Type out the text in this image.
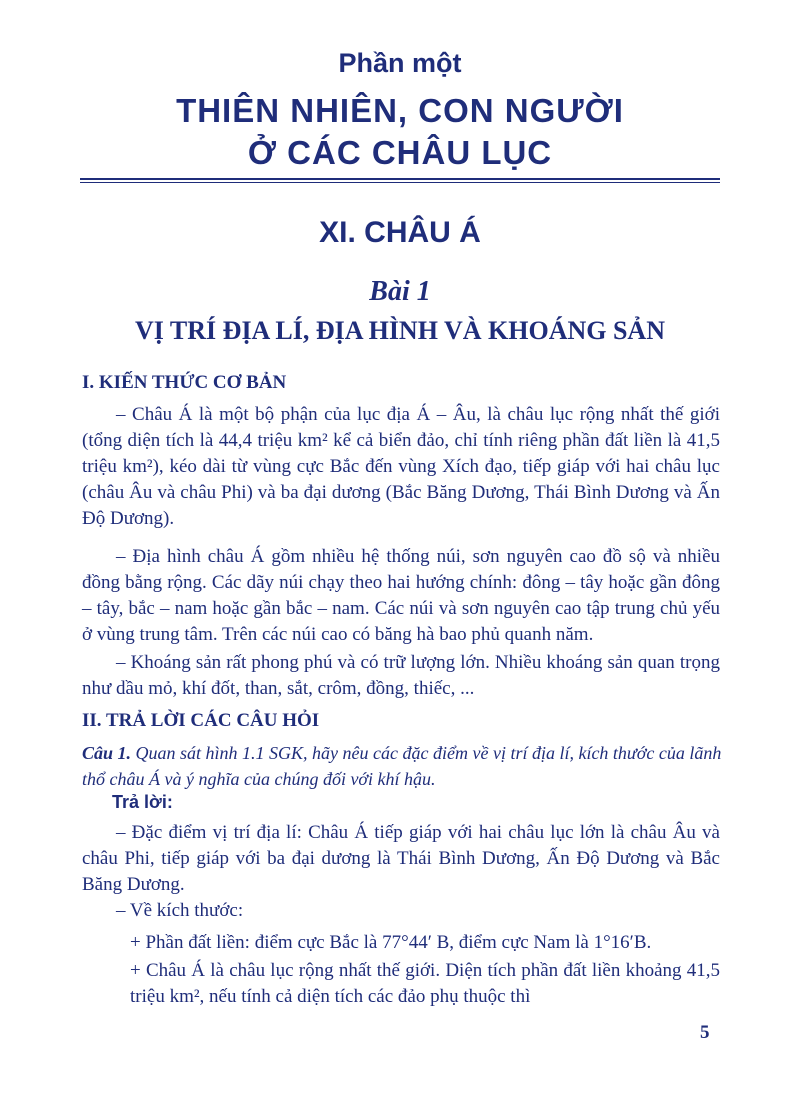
Phần một
THIÊN NHIÊN, CON NGƯỜI
Ở CÁC CHÂU LỤC
XI. CHÂU Á
Bài 1
VỊ TRÍ ĐỊA LÍ, ĐỊA HÌNH VÀ KHOÁNG SẢN
I. KIẾN THỨC CƠ BẢN
– Châu Á là một bộ phận của lục địa Á – Âu, là châu lục rộng nhất thế giới (tổng diện tích là 44,4 triệu km² kể cả biển đảo, chỉ tính riêng phần đất liền là 41,5 triệu km²), kéo dài từ vùng cực Bắc đến vùng Xích đạo, tiếp giáp với hai châu lục (châu Âu và châu Phi) và ba đại dương (Bắc Băng Dương, Thái Bình Dương và Ấn Độ Dương).
– Địa hình châu Á gồm nhiều hệ thống núi, sơn nguyên cao đồ sộ và nhiều đồng bằng rộng. Các dãy núi chạy theo hai hướng chính: đông – tây hoặc gần đông – tây, bắc – nam hoặc gần bắc – nam. Các núi và sơn nguyên cao tập trung chủ yếu ở vùng trung tâm. Trên các núi cao có băng hà bao phủ quanh năm.
– Khoáng sản rất phong phú và có trữ lượng lớn. Nhiều khoáng sản quan trọng như dầu mỏ, khí đốt, than, sắt, crôm, đồng, thiếc, ...
II. TRẢ LỜI CÁC CÂU HỎI
Câu 1. Quan sát hình 1.1 SGK, hãy nêu các đặc điểm về vị trí địa lí, kích thước của lãnh thổ châu Á và ý nghĩa của chúng đối với khí hậu.
Trả lời:
– Đặc điểm vị trí địa lí: Châu Á tiếp giáp với hai châu lục lớn là châu Âu và châu Phi, tiếp giáp với ba đại dương là Thái Bình Dương, Ấn Độ Dương và Bắc Băng Dương.
– Về kích thước:
+ Phần đất liền: điểm cực Bắc là 77°44′ B, điểm cực Nam là 1°16′B.
+ Châu Á là châu lục rộng nhất thế giới. Diện tích phần đất liền khoảng 41,5 triệu km², nếu tính cả diện tích các đảo phụ thuộc thì
5
